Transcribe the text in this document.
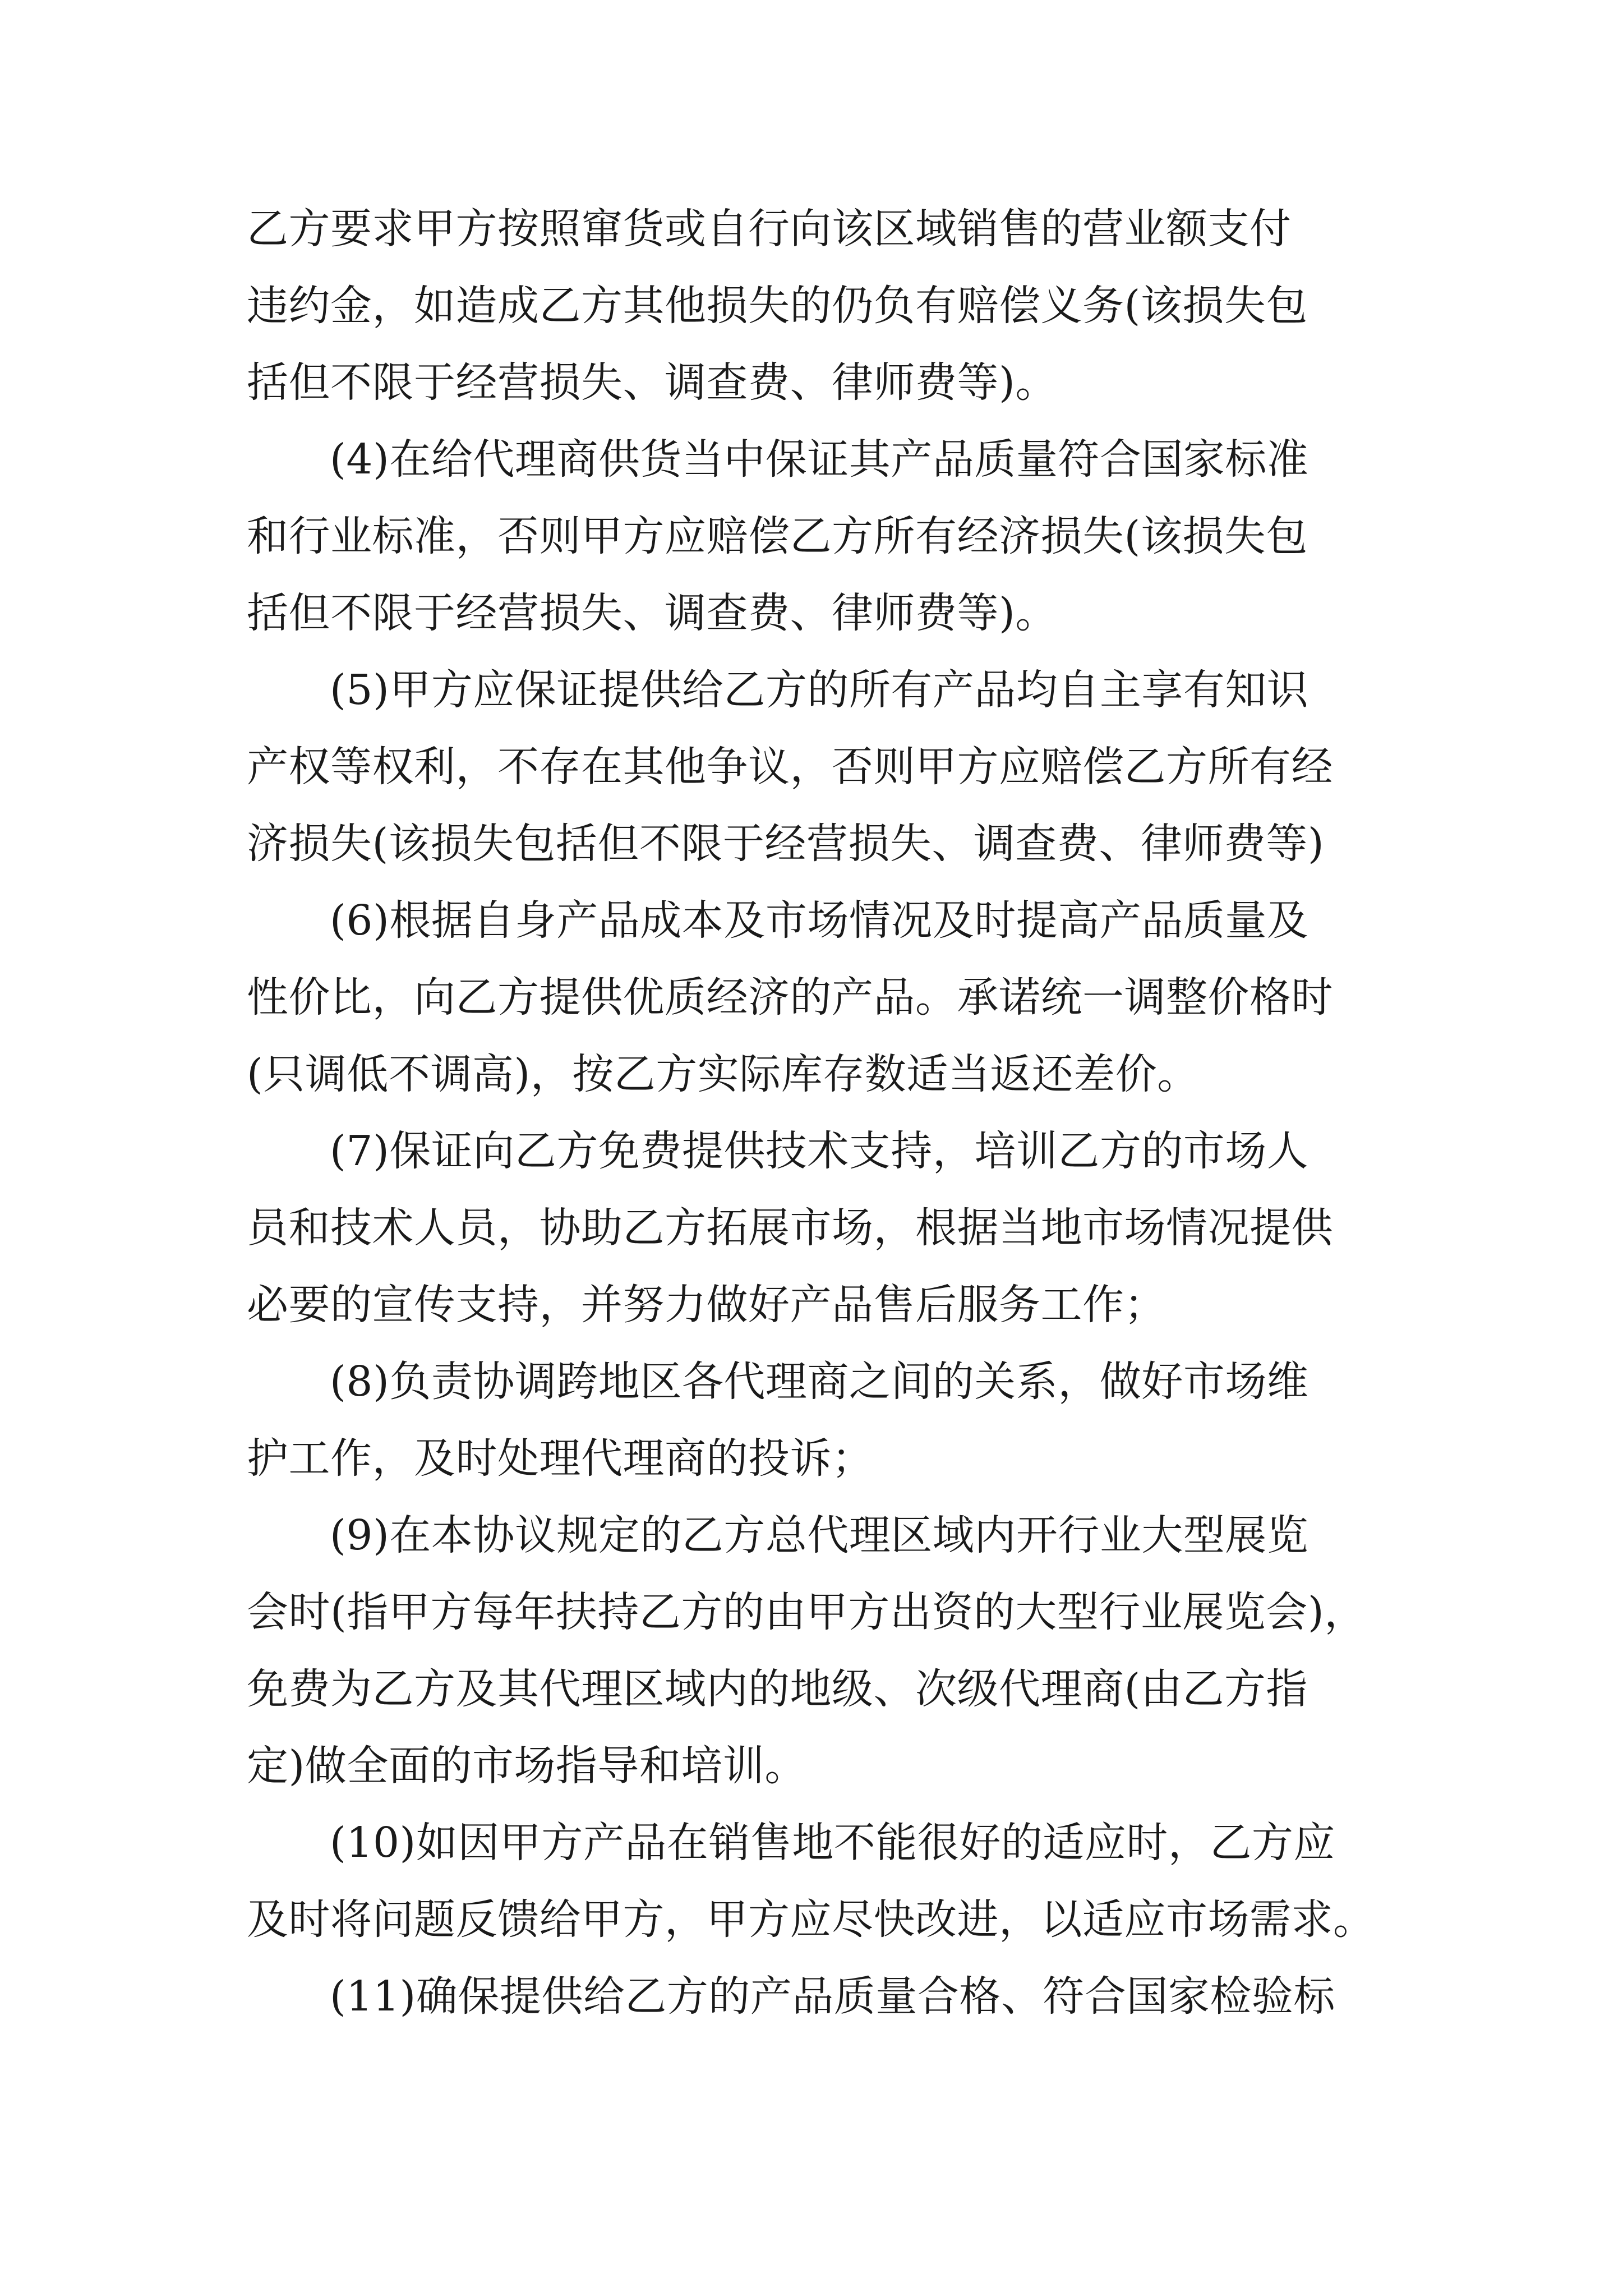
乙方要求甲方按照窜货或自行向该区域销售的营业额支付
违约金，如造成乙方其他损失的仍负有赔偿义务(该损失包
括但不限于经营损失、调查费、律师费等)。

(4)在给代理商供货当中保证其产品质量符合国家标准
和行业标准，否则甲方应赔偿乙方所有经济损失(该损失包
括但不限于经营损失、调查费、律师费等)。

(5)甲方应保证提供给乙方的所有产品均自主享有知识
产权等权利，不存在其他争议，否则甲方应赔偿乙方所有经
济损失(该损失包括但不限于经营损失、调查费、律师费等)

(6)根据自身产品成本及市场情况及时提高产品质量及
性价比，向乙方提供优质经济的产品。承诺统一调整价格时
(只调低不调高)，按乙方实际库存数适当返还差价。

(7)保证向乙方免费提供技术支持，培训乙方的市场人
员和技术人员，协助乙方拓展市场，根据当地市场情况提供
必要的宣传支持，并努力做好产品售后服务工作；

(8)负责协调跨地区各代理商之间的关系，做好市场维
护工作，及时处理代理商的投诉；

(9)在本协议规定的乙方总代理区域内开行业大型展览
会时(指甲方每年扶持乙方的由甲方出资的大型行业展览会)，
免费为乙方及其代理区域内的地级、次级代理商(由乙方指
定)做全面的市场指导和培训。

(10)如因甲方产品在销售地不能很好的适应时，乙方应
及时将问题反馈给甲方，甲方应尽快改进，以适应市场需求。

(11)确保提供给乙方的产品质量合格、符合国家检验标
